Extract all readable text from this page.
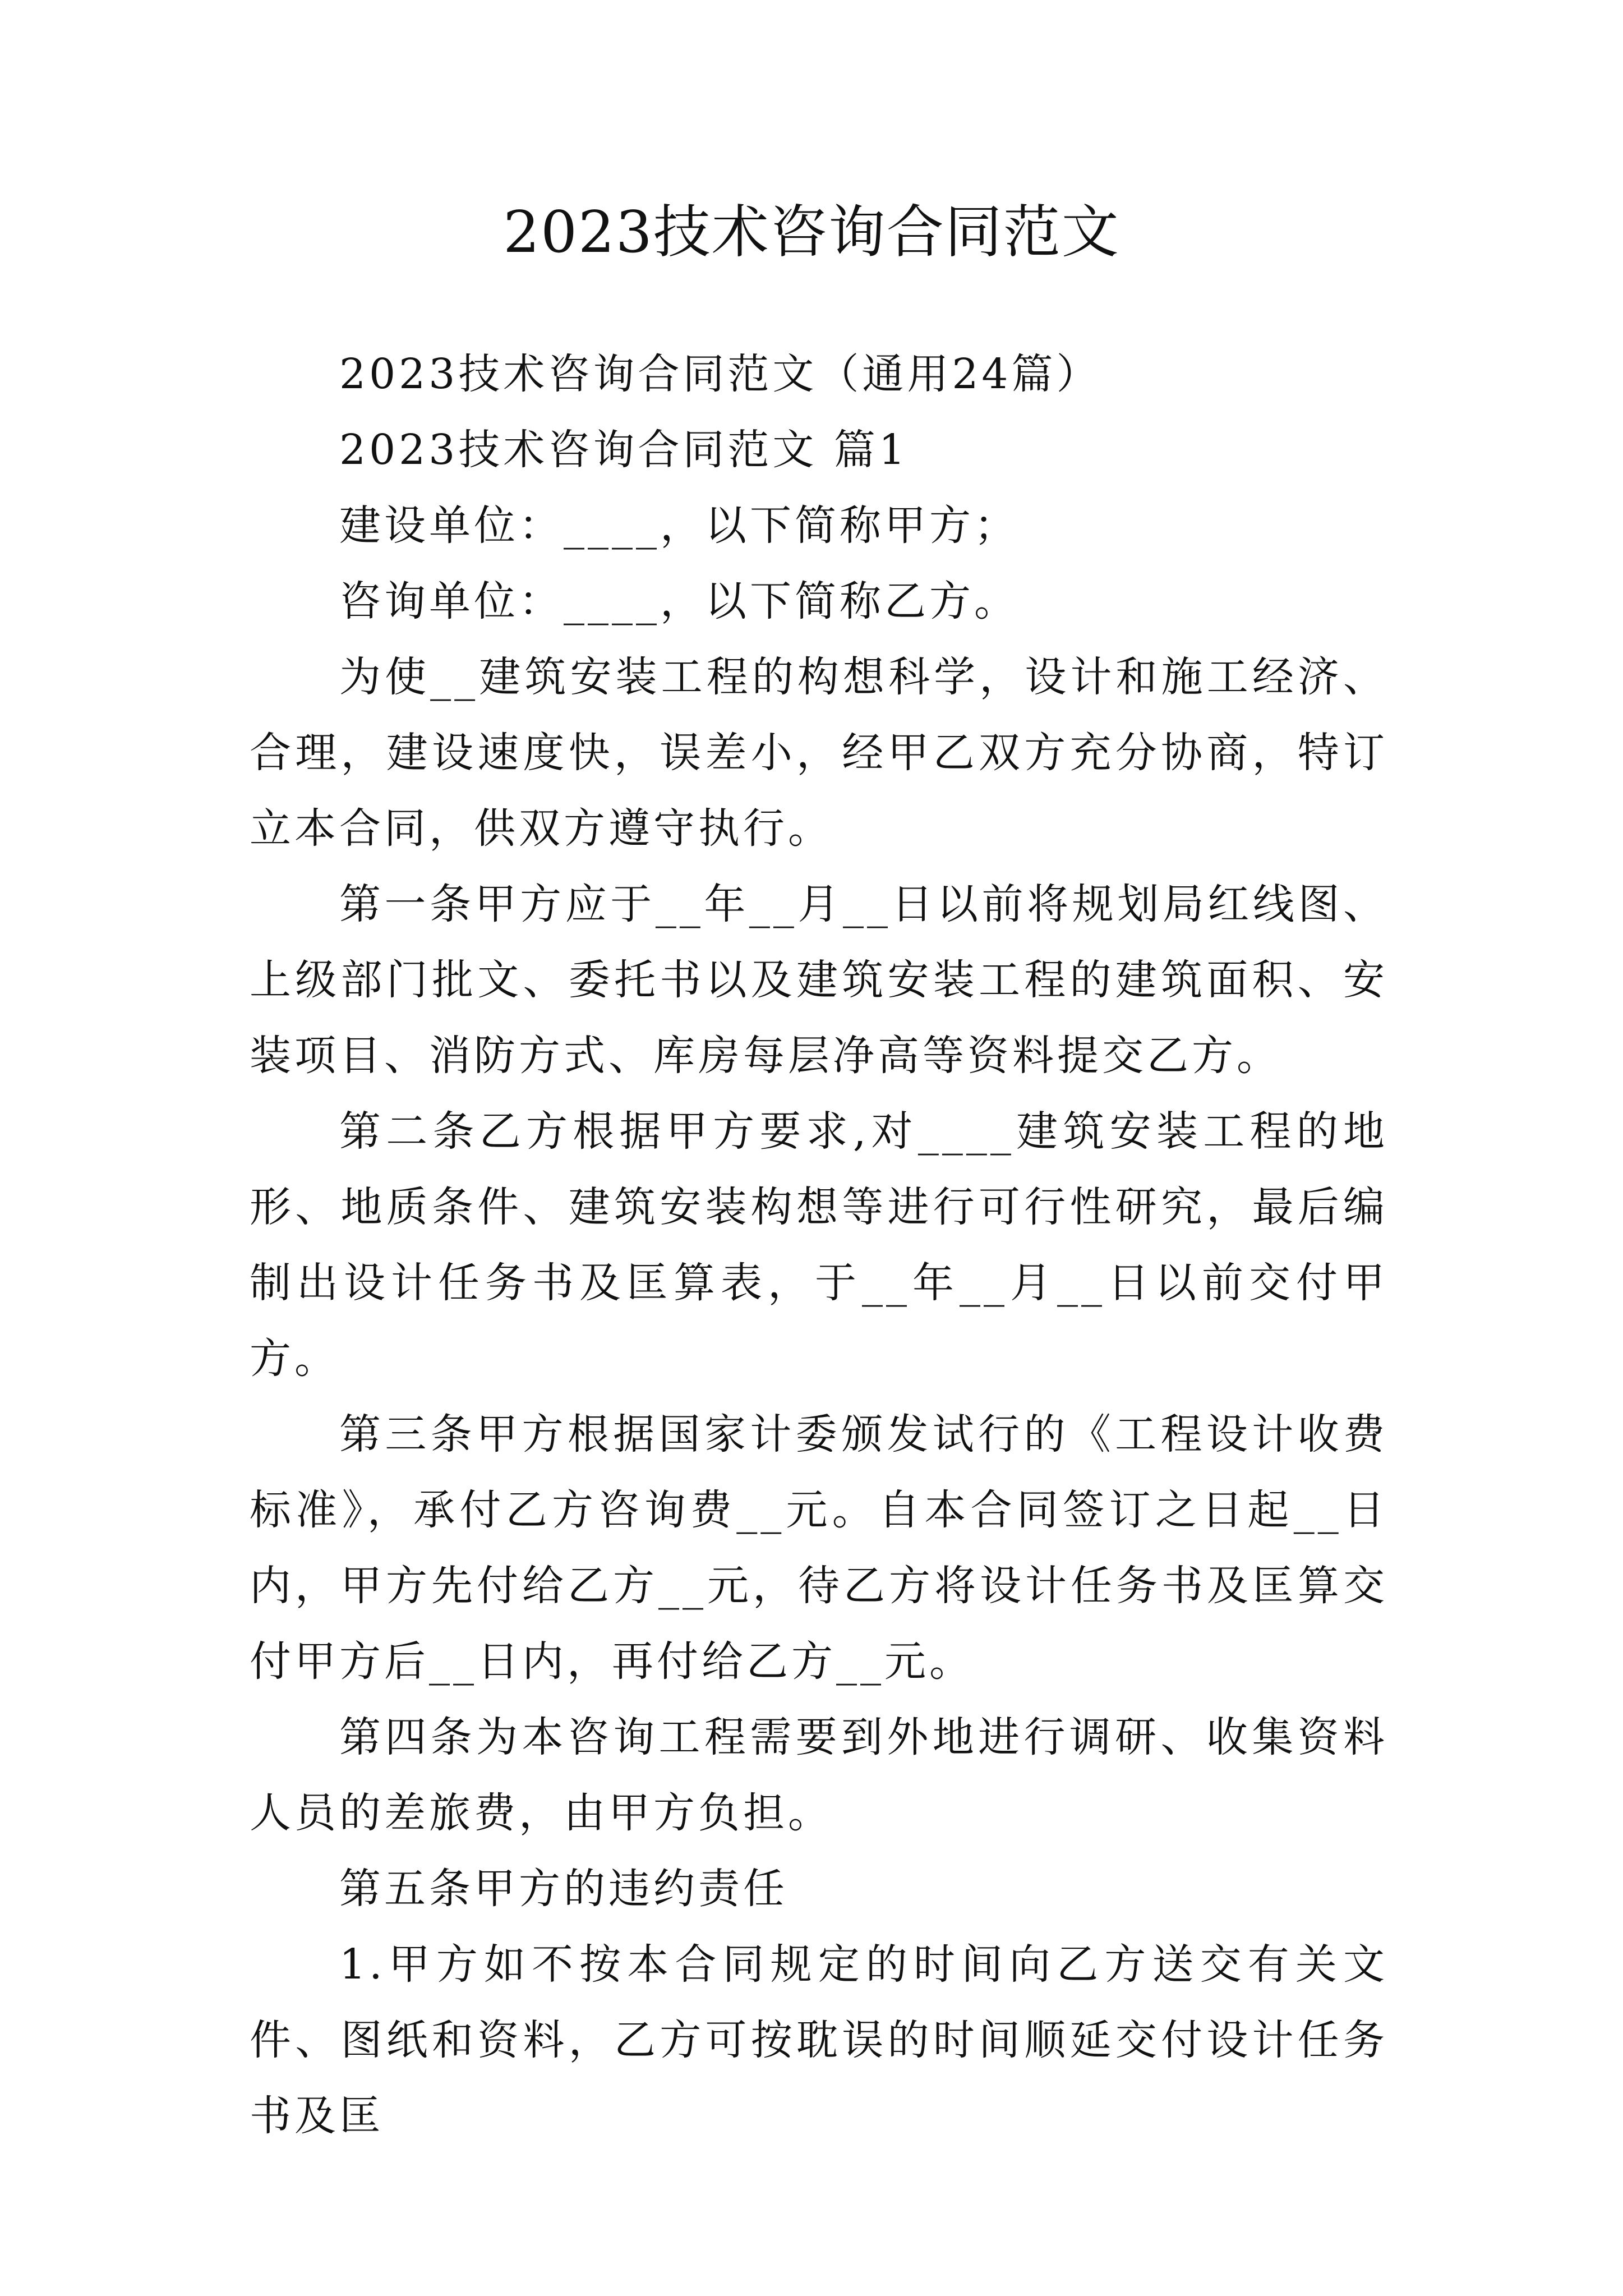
2023技术咨询合同范文

2023技术咨询合同范文（通用24篇）

2023技术咨询合同范文 篇1

建设单位：____，以下简称甲方；

咨询单位：____，以下简称乙方。

为使__建筑安装工程的构想科学，设计和施工经济、合理，建设速度快，误差小，经甲乙双方充分协商，特订立本合同，供双方遵守执行。

第一条甲方应于__年__月__日以前将规划局红线图、上级部门批文、委托书以及建筑安装工程的建筑面积、安装项目、消防方式、库房每层净高等资料提交乙方。

第二条乙方根据甲方要求,对____建筑安装工程的地形、地质条件、建筑安装构想等进行可行性研究，最后编制出设计任务书及匡算表，于__年__月__日以前交付甲方。

第三条甲方根据国家计委颁发试行的《工程设计收费标准》，承付乙方咨询费__元。自本合同签订之日起__日内，甲方先付给乙方__元，待乙方将设计任务书及匡算交付甲方后__日内，再付给乙方__元。

第四条为本咨询工程需要到外地进行调研、收集资料人员的差旅费，由甲方负担。

第五条甲方的违约责任

1.甲方如不按本合同规定的时间向乙方送交有关文件、图纸和资料，乙方可按耽误的时间顺延交付设计任务书及匡
